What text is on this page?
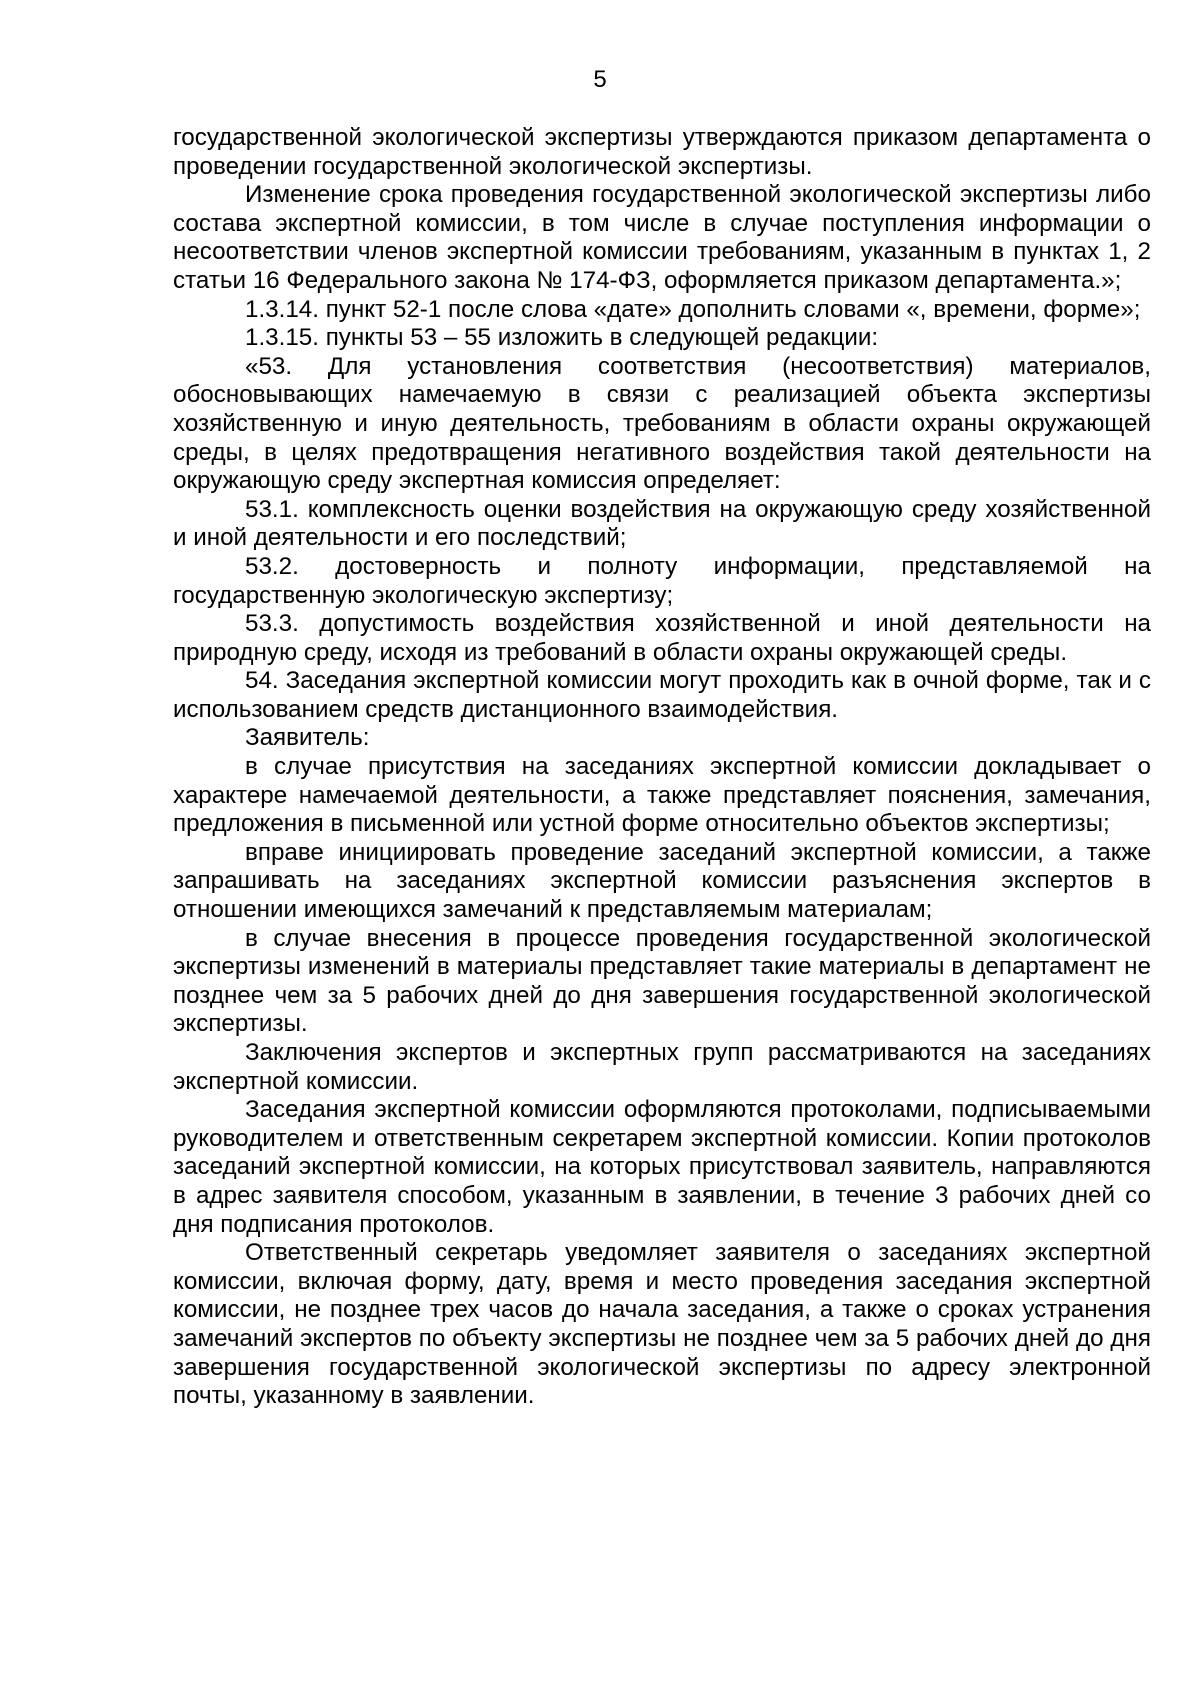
5

государственной экологической экспертизы утверждаются приказом департамента о проведении государственной экологической экспертизы.

Изменение срока проведения государственной экологической экспертизы либо состава экспертной комиссии, в том числе в случае поступления информации о несоответствии членов экспертной комиссии требованиям, указанным в пунктах 1, 2 статьи 16 Федерального закона № 174-ФЗ, оформляется приказом департамента.»;

1.3.14. пункт 52-1 после слова «дате» дополнить словами «, времени, форме»;

1.3.15. пункты 53 – 55 изложить в следующей редакции:

«53. Для установления соответствия (несоответствия) материалов, обосновывающих намечаемую в связи с реализацией объекта экспертизы хозяйственную и иную деятельность, требованиям в области охраны окружающей среды, в целях предотвращения негативного воздействия такой деятельности на окружающую среду экспертная комиссия определяет:

53.1. комплексность оценки воздействия на окружающую среду хозяйственной и иной деятельности и его последствий;

53.2. достоверность и полноту информации, представляемой на государственную экологическую экспертизу;

53.3. допустимость воздействия хозяйственной и иной деятельности на природную среду, исходя из требований в области охраны окружающей среды.

54. Заседания экспертной комиссии могут проходить как в очной форме, так и с использованием средств дистанционного взаимодействия.

Заявитель:

в случае присутствия на заседаниях экспертной комиссии докладывает о характере намечаемой деятельности, а также представляет пояснения, замечания, предложения в письменной или устной форме относительно объектов экспертизы;

вправе инициировать проведение заседаний экспертной комиссии, а также запрашивать на заседаниях экспертной комиссии разъяснения экспертов в отношении имеющихся замечаний к представляемым материалам;

в случае внесения в процессе проведения государственной экологической экспертизы изменений в материалы представляет такие материалы в департамент не позднее чем за 5 рабочих дней до дня завершения государственной экологической экспертизы.

Заключения экспертов и экспертных групп рассматриваются на заседаниях экспертной комиссии.

Заседания экспертной комиссии оформляются протоколами, подписываемыми руководителем и ответственным секретарем экспертной комиссии. Копии протоколов заседаний экспертной комиссии, на которых присутствовал заявитель, направляются в адрес заявителя способом, указанным в заявлении, в течение 3 рабочих дней со дня подписания протоколов.

Ответственный секретарь уведомляет заявителя о заседаниях экспертной комиссии, включая форму, дату, время и место проведения заседания экспертной комиссии, не позднее трех часов до начала заседания, а также о сроках устранения замечаний экспертов по объекту экспертизы не позднее чем за 5 рабочих дней до дня завершения государственной экологической экспертизы по адресу электронной почты, указанному в заявлении.
